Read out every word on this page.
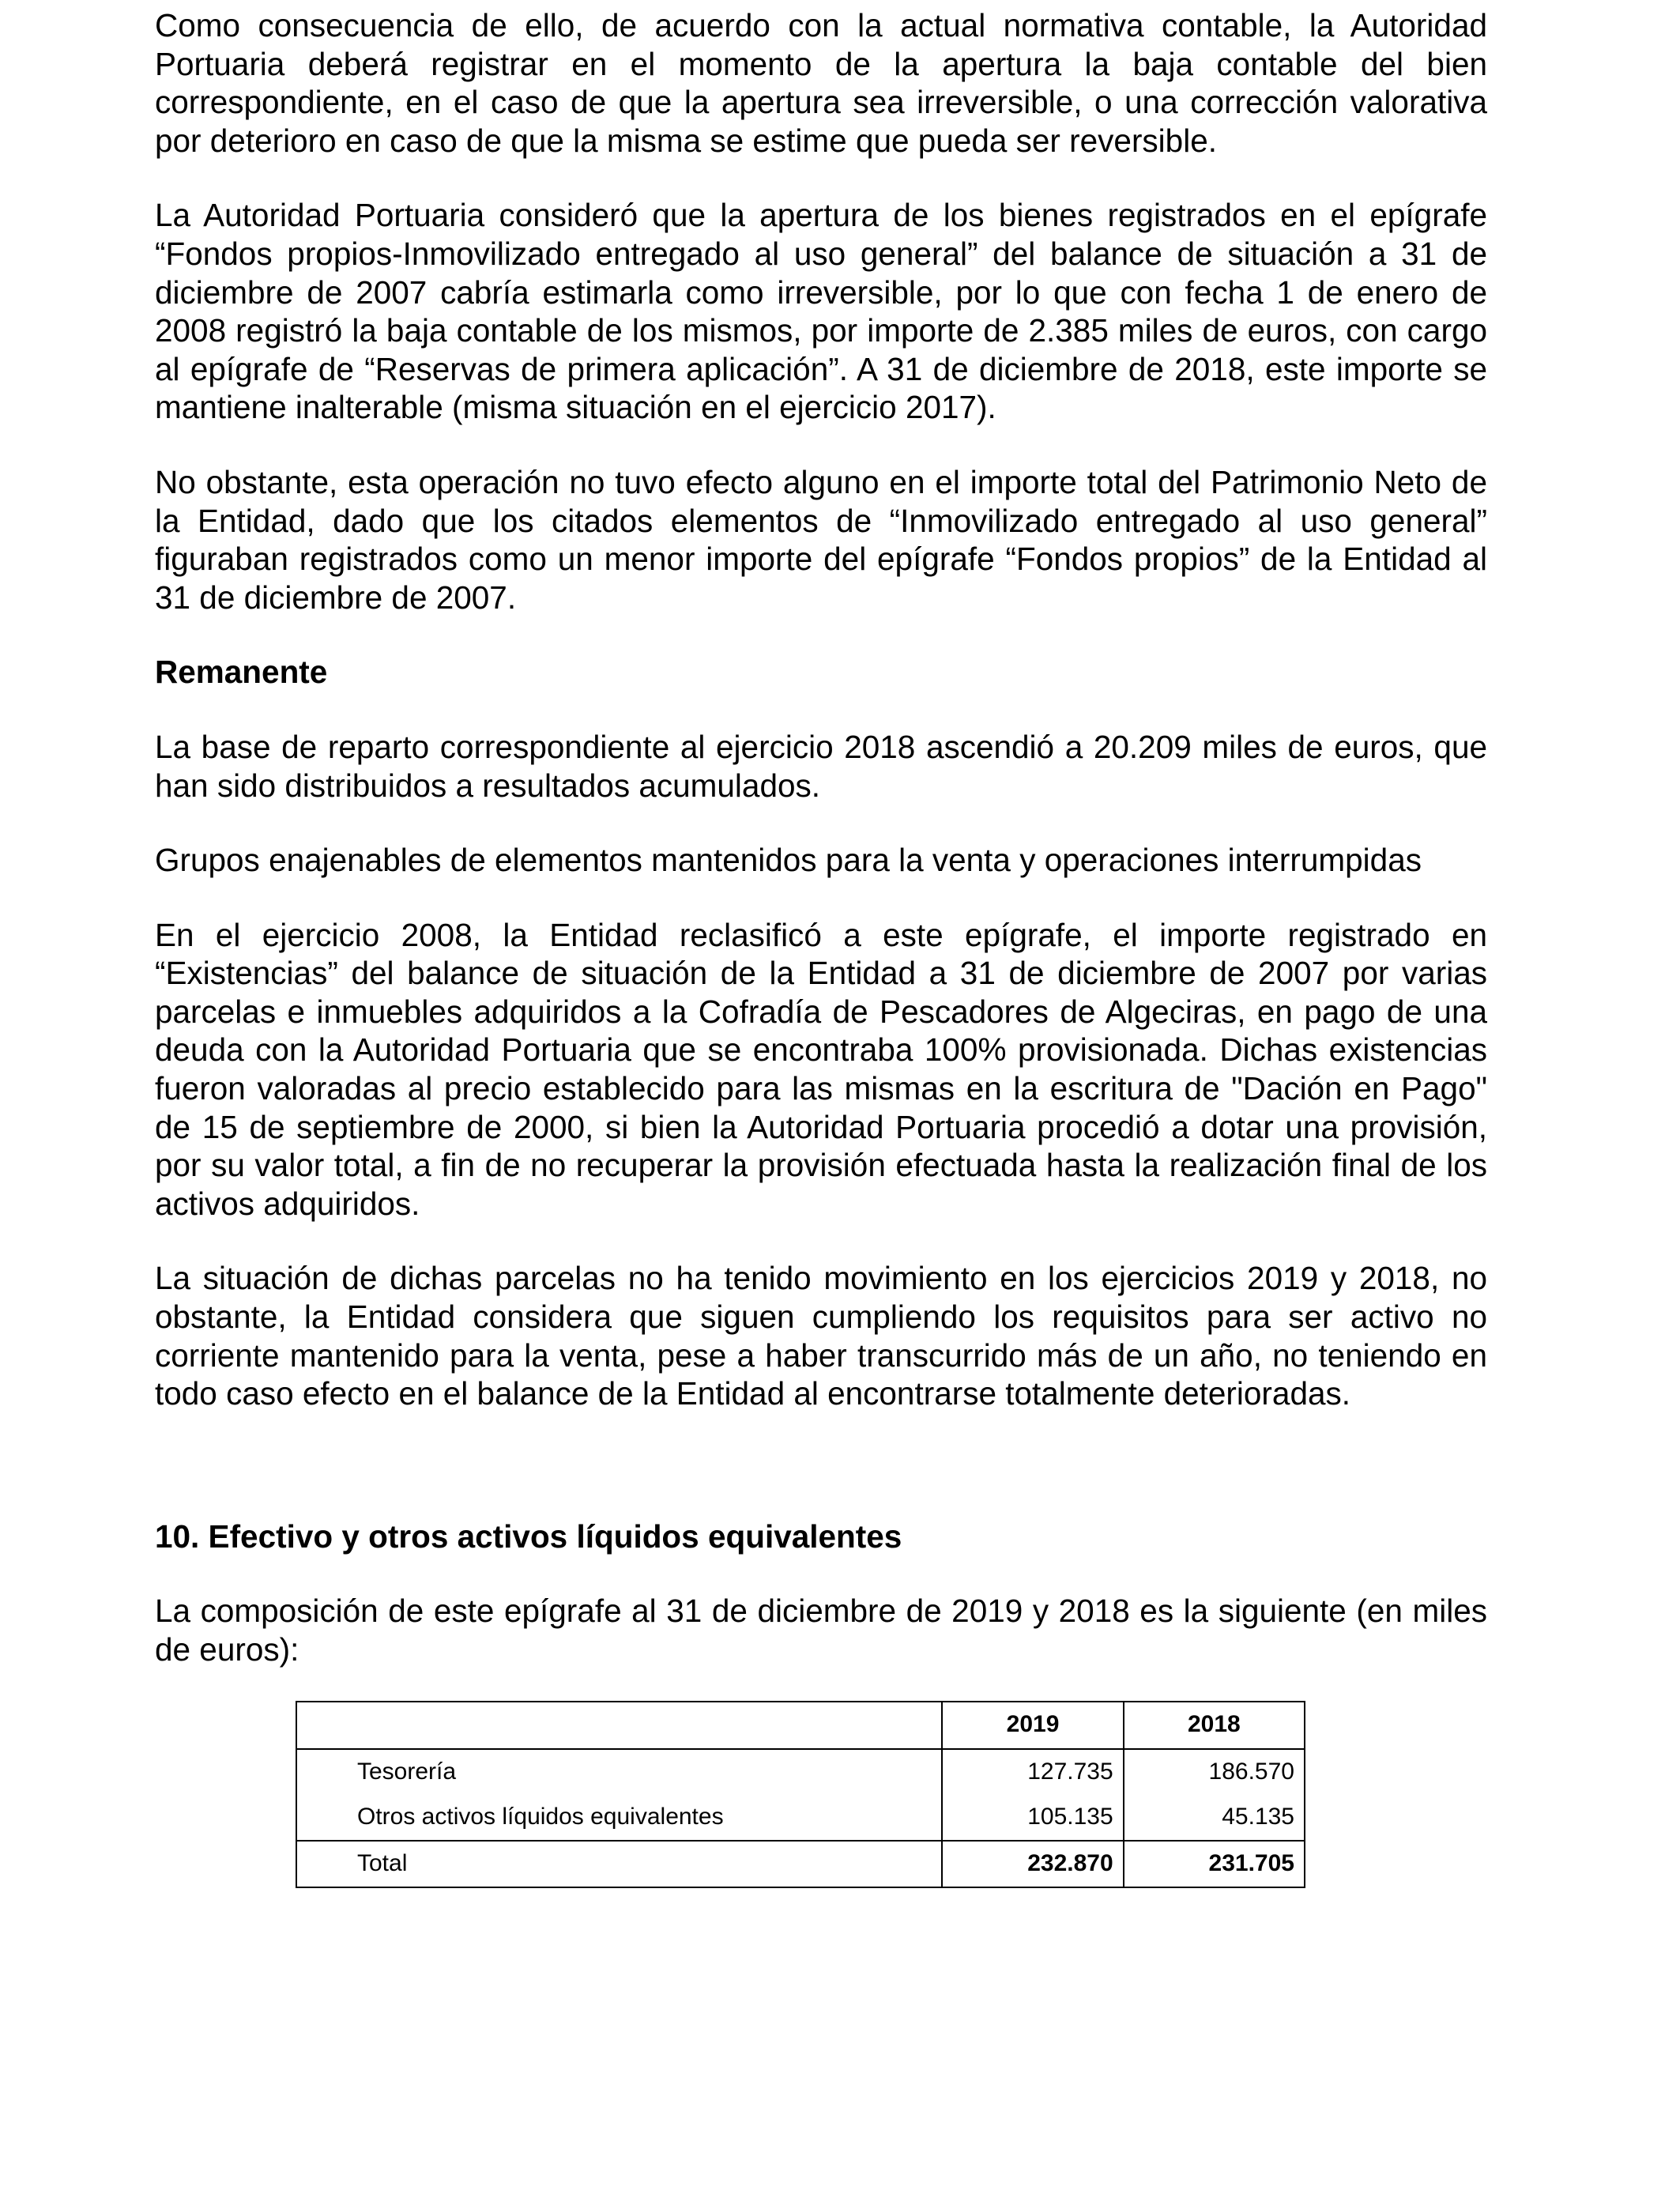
Como consecuencia de ello, de acuerdo con la actual normativa contable, la Autoridad Portuaria deberá registrar en el momento de la apertura la baja contable del bien correspondiente, en el caso de que la apertura sea irreversible, o una corrección valorativa por deterioro en caso de que la misma se estime que pueda ser reversible.

La Autoridad Portuaria consideró que la apertura de los bienes registrados en el epígrafe “Fondos propios-Inmovilizado entregado al uso general” del balance de situación a 31 de diciembre de 2007 cabría estimarla como irreversible, por lo que con fecha 1 de enero de 2008 registró la baja contable de los mismos, por importe de 2.385 miles de euros, con cargo al epígrafe de “Reservas de primera aplicación”. A 31 de diciembre de 2018, este importe se mantiene inalterable (misma situación en el ejercicio 2017).

No obstante, esta operación no tuvo efecto alguno en el importe total del Patrimonio Neto de la Entidad, dado que los citados elementos de “Inmovilizado entregado al uso general” figuraban registrados como un menor importe del epígrafe “Fondos propios” de la Entidad al 31 de diciembre de 2007.

Remanente

La base de reparto correspondiente al ejercicio 2018 ascendió a 20.209 miles de euros, que han sido distribuidos a resultados acumulados.

Grupos enajenables de elementos mantenidos para la venta y operaciones interrumpidas

En el ejercicio 2008, la Entidad reclasificó a este epígrafe, el importe registrado en “Existencias” del balance de situación de la Entidad a 31 de diciembre de 2007 por varias parcelas e inmuebles adquiridos a la Cofradía de Pescadores de Algeciras, en pago de una deuda con la Autoridad Portuaria que se encontraba 100% provisionada. Dichas existencias fueron valoradas al precio establecido para las mismas en la escritura de "Dación en Pago" de 15 de septiembre de 2000, si bien la Autoridad Portuaria procedió a dotar una provisión, por su valor total, a fin de no recuperar la provisión efectuada hasta la realización final de los activos adquiridos.

La situación de dichas parcelas no ha tenido movimiento en los ejercicios 2019 y 2018, no obstante, la Entidad considera que siguen cumpliendo los requisitos para ser activo no corriente mantenido para la venta, pese a haber transcurrido más de un año, no teniendo en todo caso efecto en el balance de la Entidad al encontrarse totalmente deterioradas.

10. Efectivo y otros activos líquidos equivalentes

La composición de este epígrafe al 31 de diciembre de 2019 y 2018 es la siguiente (en miles de euros):

	2019	2018
Tesorería	127.735	186.570
Otros activos líquidos equivalentes	105.135	45.135
Total	232.870	231.705
